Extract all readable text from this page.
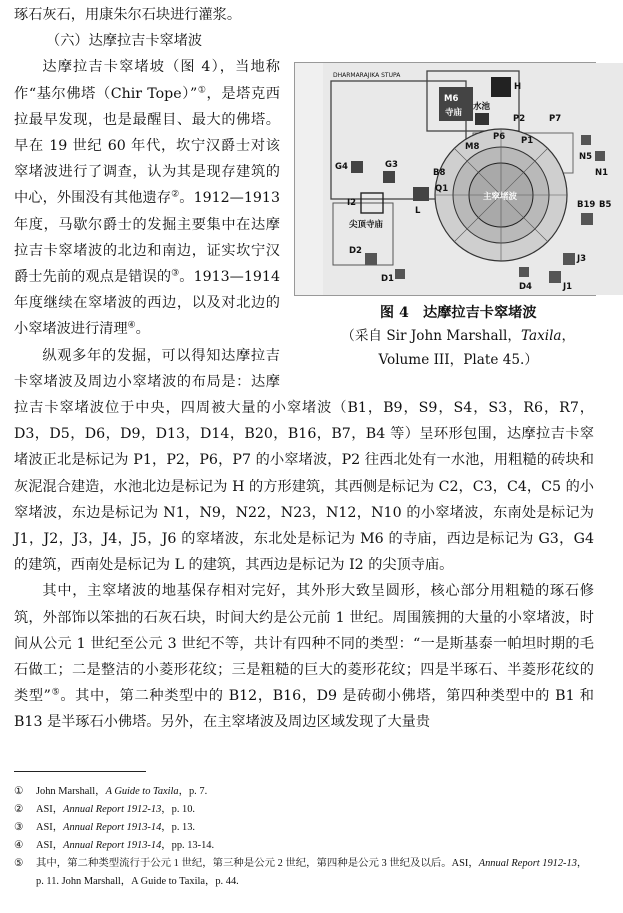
琢石灰石，用康朱尔石块进行灌浆。

（六）达摩拉吉卡窣堵波

DHARMARAJIKA STUPA
H
M6
寺庙
水池
P2
P6 P1
P7
M8
N5
N1
G4	G3
B8
L
I2
尖顶寺庙
Q1
主窣堵波
B19 B5
J3
J1
D4
D2
D1
图 4　达摩拉吉卡窣堵波
（采自 Sir John Marshall，Taxila，
Volume III，Plate 45.）
达摩拉吉卡窣堵坡（图 4），当地称作“基尔佛塔（Chir Tope）”①，是塔克西拉最早发现，也是最醒目、最大的佛塔。早在 19 世纪 60 年代，坎宁汉爵士对该窣堵波进行了调查，认为其是现存建筑的中心，外围没有其他遗存②。1912—1913 年度，马歇尔爵士的发掘主要集中在达摩拉吉卡窣堵波的北边和南边，证实坎宁汉爵士先前的观点是错误的③。1913—1914 年度继续在窣堵波的西边，以及对北边的小窣堵波进行清理④。

纵观多年的发掘，可以得知达摩拉吉卡窣堵波及周边小窣堵波的布局是：达摩拉吉卡窣堵波位于中央，四周被大量的小窣堵波（B1，B9，S9，S4，S3，R6，R7，D3，D5，D6，D9，D13，D14，B20，B16，B7，B4 等）呈环形包围，达摩拉吉卡窣堵波正北是标记为 P1，P2，P6，P7 的小窣堵波，P2 往西北处有一水池，用粗糙的砖块和灰泥混合建造，水池北边是标记为 H 的方形建筑，其西侧是标记为 C2，C3，C4，C5 的小窣堵波，东边是标记为 N1，N9，N22，N23，N12，N10 的小窣堵波，东南处是标记为 J1，J2，J3，J4，J5，J6 的窣堵波，东北处是标记为 M6 的寺庙，西边是标记为 G3，G4 的建筑，西南处是标记为 L 的建筑，其西边是标记为 I2 的尖顶寺庙。

其中，主窣堵波的地基保存相对完好，其外形大致呈圆形，核心部分用粗糙的琢石修筑，外部饰以笨拙的石灰石块，时间大约是公元前 1 世纪。周围簇拥的大量的小窣堵波，时间从公元 1 世纪至公元 3 世纪不等，共计有四种不同的类型：“一是斯基泰一帕坦时期的毛石做工；二是整洁的小菱形花纹；三是粗糙的巨大的菱形花纹；四是半琢石、半菱形花纹的类型”⑤。其中，第二种类型中的 B12，B16，D9 是砖砌小佛塔，第四种类型中的 B1 和 B13 是半琢石小佛塔。另外，在主窣堵波及周边区域发现了大量贵

①	John Marshall，A Guide to Taxila，p. 7.

②	ASI，Annual Report 1912-13，p. 10.

③	ASI，Annual Report 1913-14，p. 13.

④	ASI，Annual Report 1913-14，pp. 13-14.

⑤	其中，第二种类型流行于公元 1 世纪，第三种是公元 2 世纪，第四种是公元 3 世纪及以后。ASI，Annual Report 1912-13，p. 11. John Marshall，A Guide to Taxila，p. 44.
